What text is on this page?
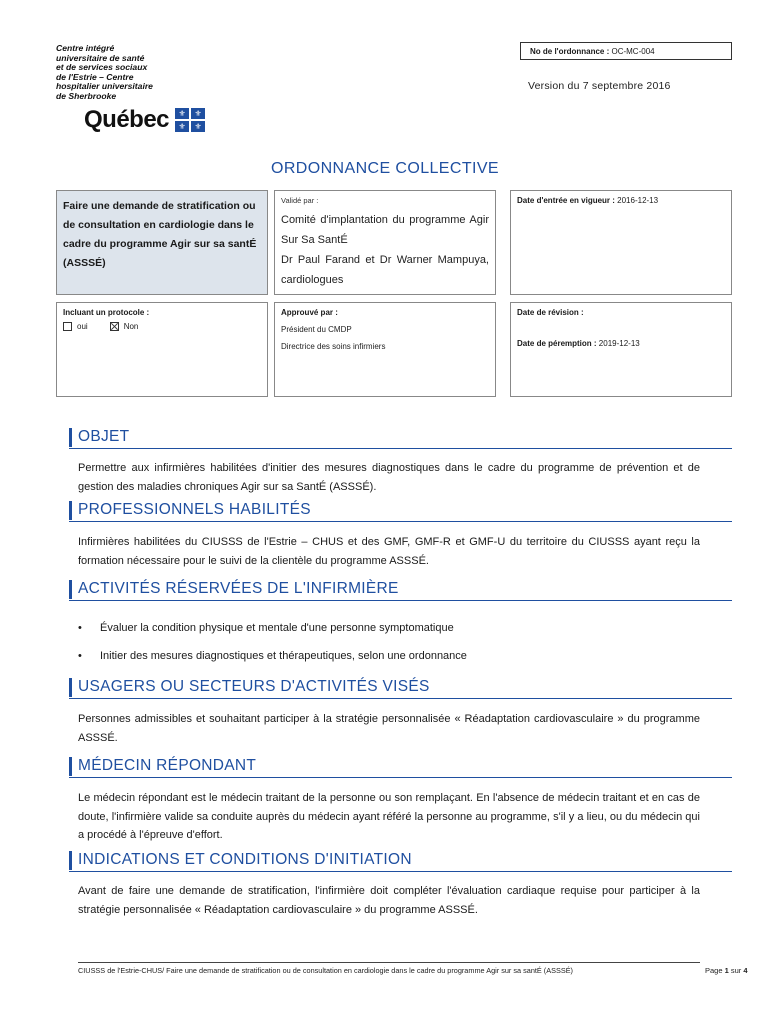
Centre intégré
universitaire de santé
et de services sociaux
de l'Estrie – Centre
hospitalier universitaire
de Sherbrooke
Québec	⚜	⚜
⚜	⚜
No de l'ordonnance : OC-MC-004
Version du 7 septembre 2016
ORDONNANCE COLLECTIVE
Faire une demande de stratification ou de consultation en cardiologie dans le cadre du programme Agir sur sa santÉ (ASSSÉ)
Validé par :
Comité d'implantation du programme Agir Sur Sa SantÉ
Dr Paul Farand et Dr Warner Mampuya, cardiologues
Date d'entrée en vigueur : 2016-12-13
Incluant un protocole :
oui	Non
Approuvé par :
Président du CMDP
Directrice des soins infirmiers
Date de révision :
Date de péremption : 2019-12-13
OBJET
Permettre aux infirmières habilitées d'initier des mesures diagnostiques dans le cadre du programme de prévention et de gestion des maladies chroniques Agir sur sa SantÉ (ASSSÉ).
PROFESSIONNELS HABILITÉS
Infirmières habilitées du CIUSSS de l'Estrie – CHUS et des GMF, GMF-R et GMF-U du territoire du CIUSSS ayant reçu la formation nécessaire pour le suivi de la clientèle du programme ASSSÉ.
ACTIVITÉS RÉSERVÉES DE L'INFIRMIÈRE
• Évaluer la condition physique et mentale d'une personne symptomatique
• Initier des mesures diagnostiques et thérapeutiques, selon une ordonnance
USAGERS OU SECTEURS D'ACTIVITÉS VISÉS
Personnes admissibles et souhaitant participer à la stratégie personnalisée « Réadaptation cardiovasculaire » du programme ASSSÉ.
MÉDECIN RÉPONDANT
Le médecin répondant est le médecin traitant de la personne ou son remplaçant. En l'absence de médecin traitant et en cas de doute, l'infirmière valide sa conduite auprès du médecin ayant référé la personne au programme, s'il y a lieu, ou du médecin qui a procédé à l'épreuve d'effort.
INDICATIONS ET CONDITIONS D'INITIATION
Avant de faire une demande de stratification, l'infirmière doit compléter l'évaluation cardiaque requise pour participer à la stratégie personnalisée « Réadaptation cardiovasculaire » du programme ASSSÉ.
CIUSSS de l'Estrie-CHUS/ Faire une demande de stratification ou de consultation en cardiologie dans le cadre du programme Agir sur sa santÉ (ASSSÉ)	Page 1 sur 4
